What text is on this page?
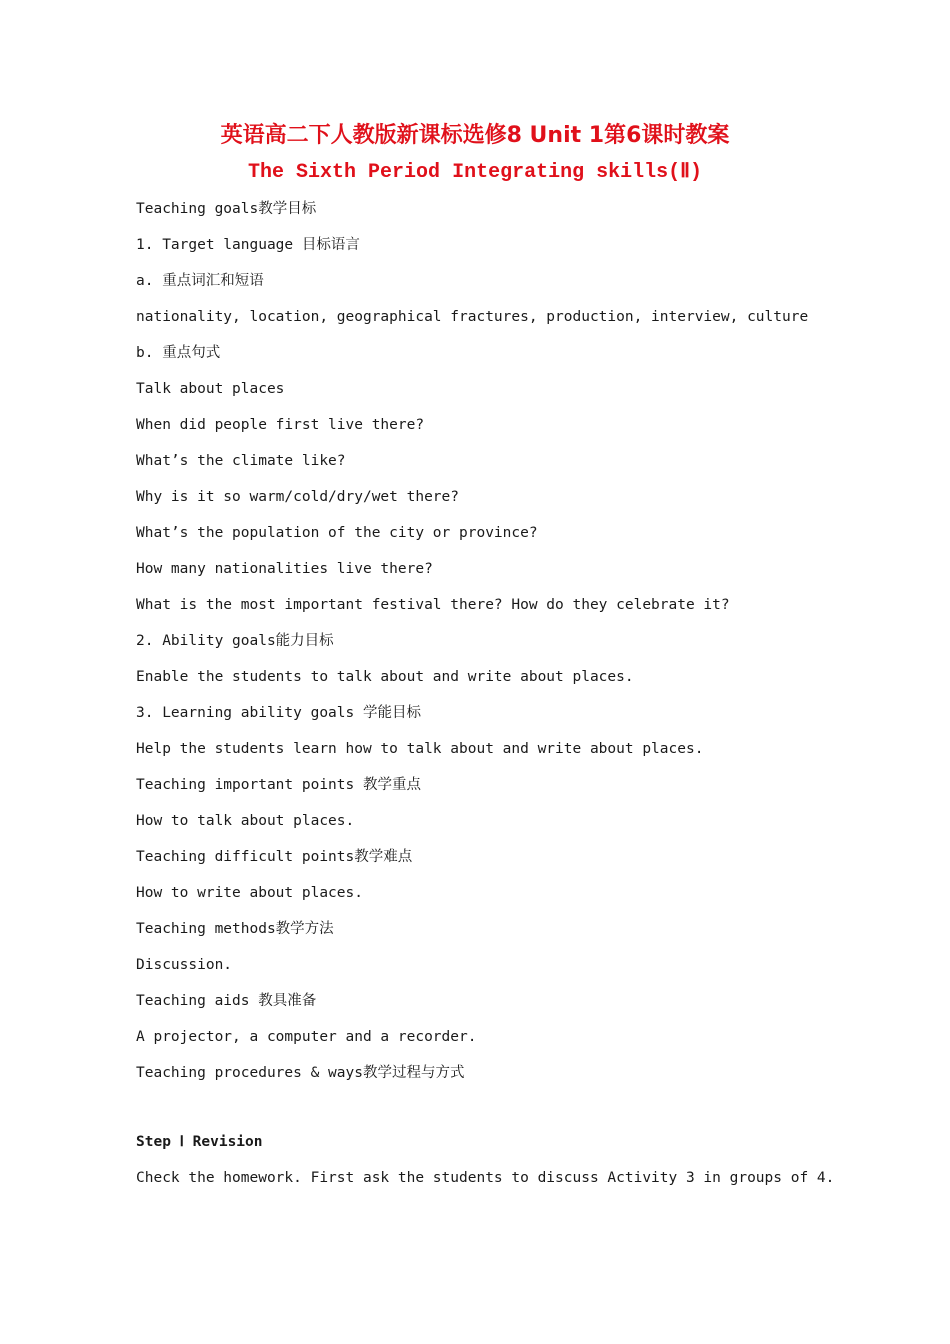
英语高二下人教版新课标选修8 Unit 1第6课时教案
The Sixth Period Integrating skills(Ⅱ)
Teaching goals教学目标
1. Target language 目标语言
a. 重点词汇和短语
nationality, location, geographical fractures, production, interview, culture
b. 重点句式
Talk about places
When did people first live there?
What’s the climate like?
Why is it so warm/cold/dry/wet there?
What’s the population of the city or province?
How many nationalities live there?
What is the most important festival there? How do they celebrate it?
2. Ability goals能力目标
Enable the students to talk about and write about places.
3. Learning ability goals 学能目标
Help the students learn how to talk about and write about places.
Teaching important points 教学重点
How to talk about places.
Teaching difficult points教学难点
How to write about places.
Teaching methods教学方法
Discussion.
Teaching aids 教具准备
A projector, a computer and a recorder.
Teaching procedures & ways教学过程与方式
Step Ⅰ Revision
Check the homework. First ask the students to discuss Activity 3 in groups of 4.
